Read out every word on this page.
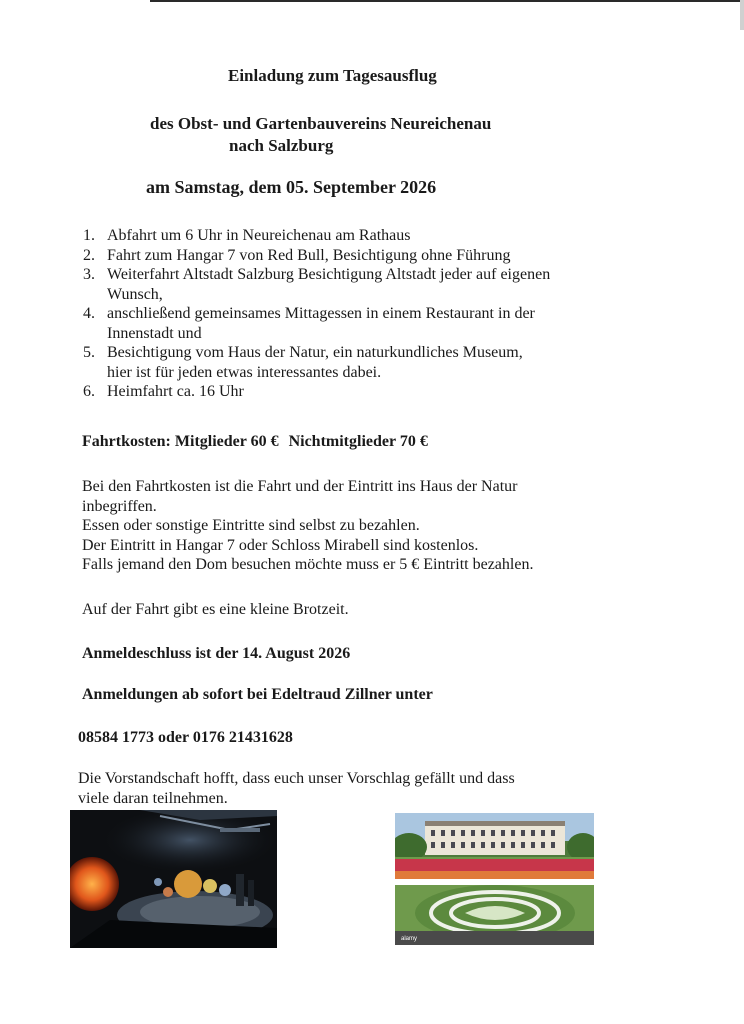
Einladung zum Tagesausflug

des Obst- und Gartenbauvereins Neureichenau

nach Salzburg

am Samstag, dem 05. September 2026

1. Abfahrt um 6 Uhr in Neureichenau am Rathaus
2. Fahrt zum Hangar 7 von Red Bull, Besichtigung ohne Führung
3. Weiterfahrt Altstadt Salzburg Besichtigung Altstadt jeder auf eigenen
Wunsch,
4. anschließend gemeinsames Mittagessen in einem Restaurant in der
Innenstadt und
5. Besichtigung vom Haus der Natur, ein naturkundliches Museum,
hier ist für jeden etwas interessantes dabei.
6. Heimfahrt ca. 16 Uhr

Fahrtkosten: Mitglieder 60 € Nichtmitglieder 70 €

Bei den Fahrtkosten ist die Fahrt und der Eintritt ins Haus der Natur
inbegriffen.
Essen oder sonstige Eintritte sind selbst zu bezahlen.
Der Eintritt in Hangar 7 oder Schloss Mirabell sind kostenlos.
Falls jemand den Dom besuchen möchte muss er 5 € Eintritt bezahlen.

Auf der Fahrt gibt es eine kleine Brotzeit.

Anmeldeschluss ist der 14. August 2026

Anmeldungen ab sofort bei Edeltraud Zillner unter

08584 1773 oder 0176 21431628

Die Vorstandschaft hofft, dass euch unser Vorschlag gefällt und dass
viele daran teilnehmen.

alamy
